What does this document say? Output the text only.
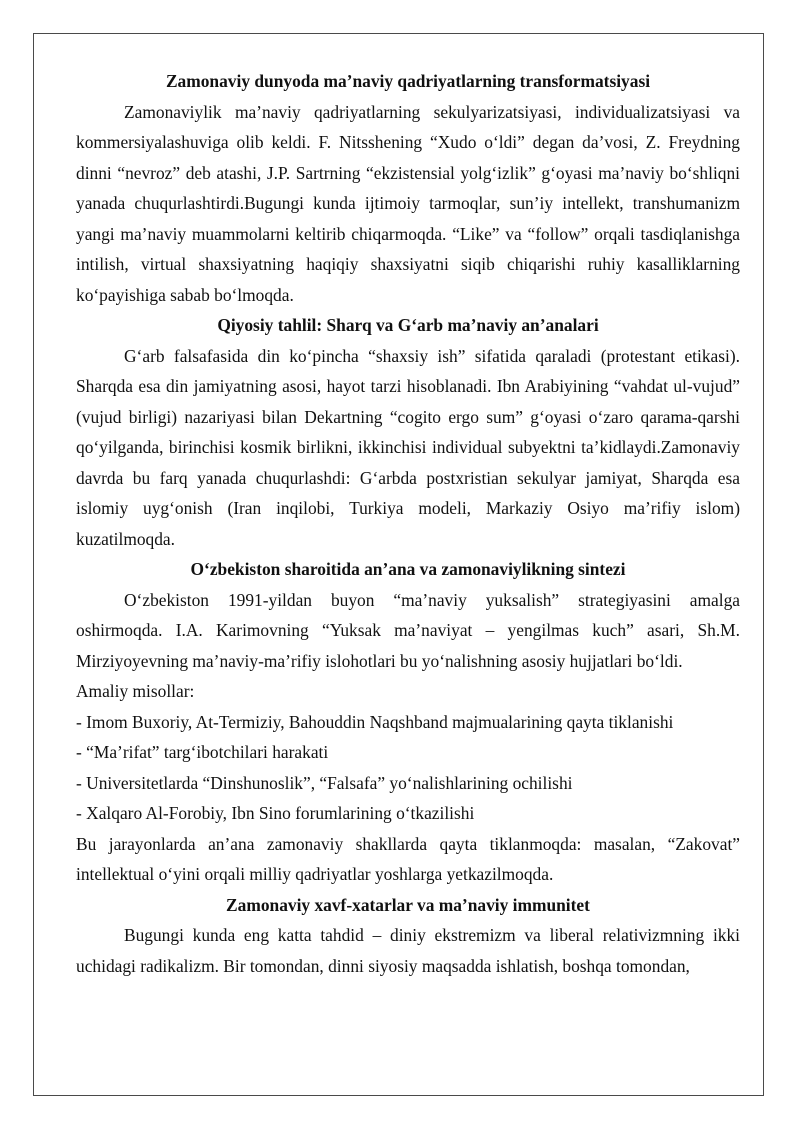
Zamonaviy dunyoda ma’naviy qadriyatlarning transformatsiyasi

Zamonaviylik ma’naviy qadriyatlarning sekulyarizatsiyasi, individualizatsiyasi va kommersiyalashuviga olib keldi. F. Nitsshening “Xudo o‘ldi” degan da’vosi, Z. Freydning dinni “nevroz” deb atashi, J.P. Sartrning “ekzistensial yolg‘izlik” g‘oyasi ma’naviy bo‘shliqni yanada chuqurlashtirdi.Bugungi kunda ijtimoiy tarmoqlar, sun’iy intellekt, transhumanizm yangi ma’naviy muammolarni keltirib chiqarmoqda. “Like” va “follow” orqali tasdiqlanishga intilish, virtual shaxsiyatning haqiqiy shaxsiyatni siqib chiqarishi ruhiy kasalliklarning ko‘payishiga sabab bo‘lmoqda.

Qiyosiy tahlil: Sharq va G‘arb ma’naviy an’analari

G‘arb falsafasida din ko‘pincha “shaxsiy ish” sifatida qaraladi (protestant etikasi). Sharqda esa din jamiyatning asosi, hayot tarzi hisoblanadi. Ibn Arabiyining “vahdat ul-vujud” (vujud birligi) nazariyasi bilan Dekartning “cogito ergo sum” g‘oyasi o‘zaro qarama-qarshi qo‘yilganda, birinchisi kosmik birlikni, ikkinchisi individual subyektni ta’kidlaydi.Zamonaviy davrda bu farq yanada chuqurlashdi: G‘arbda postxristian sekulyar jamiyat, Sharqda esa islomiy uyg‘onish (Iran inqilobi, Turkiya modeli, Markaziy Osiyo ma’rifiy islom) kuzatilmoqda.

O‘zbekiston sharoitida an’ana va zamonaviylikning sintezi

O‘zbekiston 1991-yildan buyon “ma’naviy yuksalish” strategiyasini amalga oshirmoqda. I.A. Karimovning “Yuksak ma’naviyat – yengilmas kuch” asari, Sh.M. Mirziyoyevning ma’naviy-ma’rifiy islohotlari bu yo‘nalishning asosiy hujjatlari bo‘ldi.

Amaliy misollar:

- Imom Buxoriy, At-Termiziy, Bahouddin Naqshband majmualarining qayta tiklanishi

- “Ma’rifat” targ‘ibotchilari harakati

- Universitetlarda “Dinshunoslik”, “Falsafa” yo‘nalishlarining ochilishi

- Xalqaro Al-Forobiy, Ibn Sino forumlarining o‘tkazilishi

Bu jarayonlarda an’ana zamonaviy shakllarda qayta tiklanmoqda: masalan, “Zakovat” intellektual o‘yini orqali milliy qadriyatlar yoshlarga yetkazilmoqda.

Zamonaviy xavf-xatarlar va ma’naviy immunitet

Bugungi kunda eng katta tahdid – diniy ekstremizm va liberal relativizmning ikki uchidagi radikalizm. Bir tomondan, dinni siyosiy maqsadda ishlatish, boshqa tomondan,
